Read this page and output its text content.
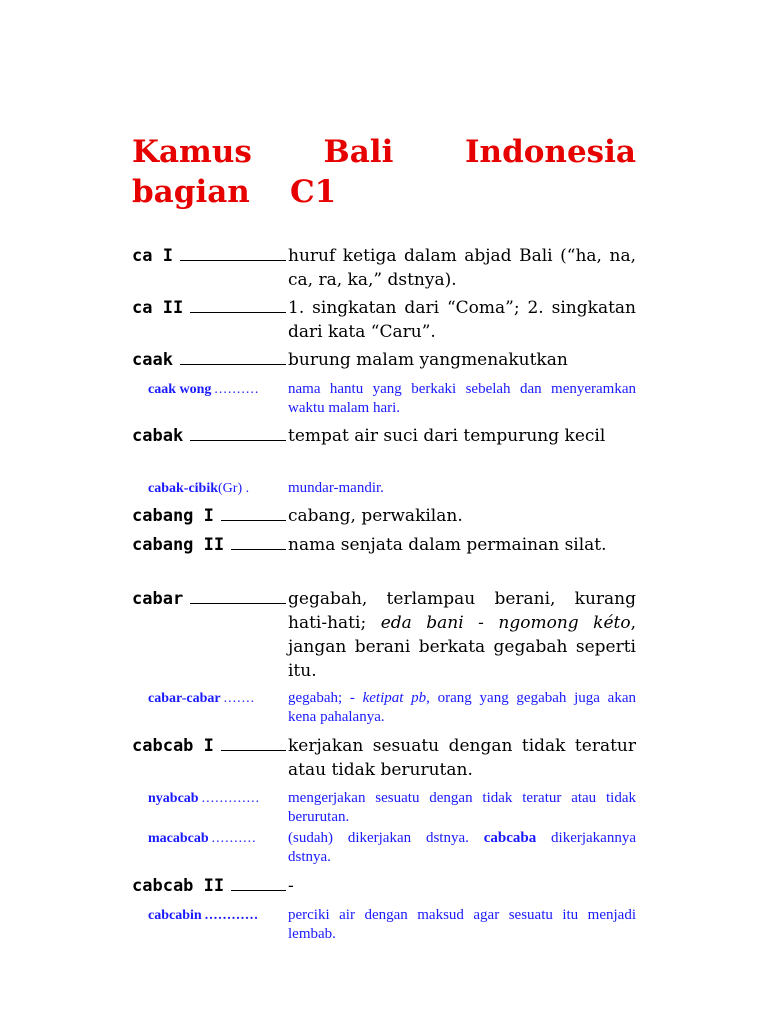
Kamus Bali Indonesia bagian	C1
ca I	huruf ketiga dalam abjad Bali (“ha, na, ca, ra, ka,” dstnya).
ca II	1. singkatan dari “Coma”; 2. singkatan dari kata “Caru”.
caak	burung malam yangmenakutkan
caak wong ..........	nama hantu yang berkaki sebelah dan menyeramkan waktu malam hari.
cabak	tempat air suci dari tempurung kecil
cabak-cibik (Gr) .	mundar-mandir.
cabang I	cabang, perwakilan.
cabang II	nama senjata dalam permainan silat.
cabar	gegabah, terlampau berani, kurang hati-hati; eda bani - ngomong kéto, jangan berani berkata gegabah seperti itu.
cabar-cabar .......	gegabah; - ketipat pb, orang yang gegabah juga akan kena pahalanya.
cabcab I	kerjakan sesuatu dengan tidak teratur atau tidak berurutan.
nyabcab .............	mengerjakan sesuatu dengan tidak teratur atau tidak berurutan.
macabcab ..........	(sudah) dikerjakan dstnya. cabcaba dikerjakannya dstnya.
cabcab II	-
cabcabin ............	perciki air dengan maksud agar sesuatu itu menjadi lembab.
